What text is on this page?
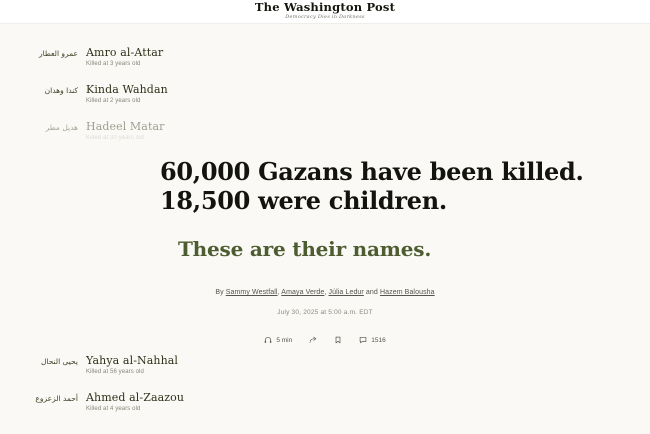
The Washington Post
Democracy Dies in Darkness
عمرو العطار Amro al-Attar
Killed at 3 years old
كندا وهدان Kinda Wahdan
Killed at 2 years old
هديل مطر Hadeel Matar
Killed at 30 years old
60,000 Gazans have been killed. 18,500 were children.
These are their names.
By Sammy Westfall, Amaya Verde, Júlia Ledur and Hazem Balousha
July 30, 2025 at 5:00 a.m. EDT
5 min	1516
يحيى النحال Yahya al-Nahhal
Killed at 56 years old
أحمد الزعزوع Ahmed al-Zaazou
Killed at 4 years old
